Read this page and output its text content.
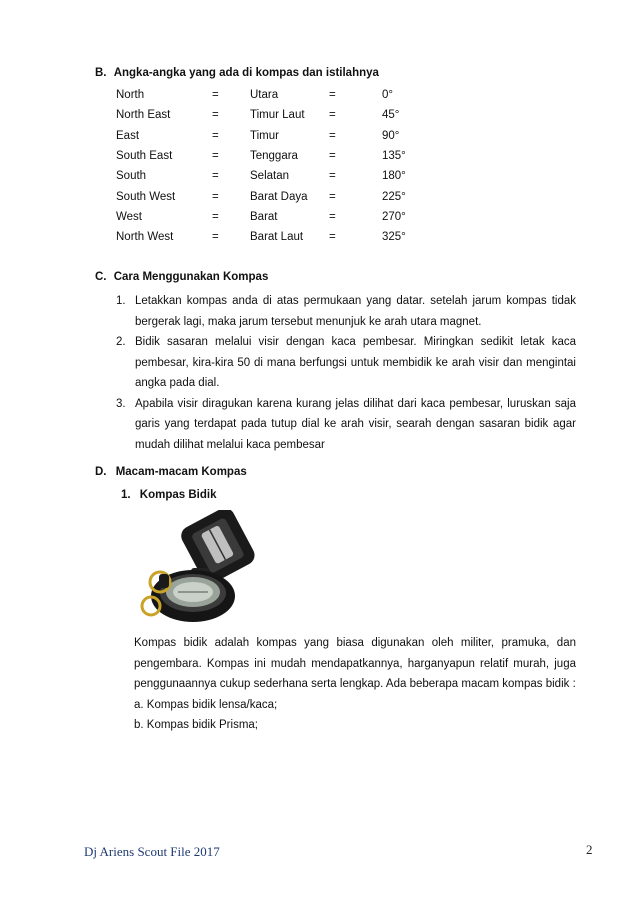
B. Angka-angka yang ada di kompas dan istilahnya
North	=	Utara	=	0°
North East	=	Timur Laut =	45°
East	=	Timur	=	90°
South East	=	Tenggara	=	135°
South	=	Selatan	=	180°
South West	=	Barat Daya =	225°
West	=	Barat	=	270°
North West	=	Barat Laut =	325°
C. Cara Menggunakan Kompas
1. Letakkan kompas anda di atas permukaan yang datar. setelah jarum kompas tidak bergerak lagi, maka jarum tersebut menunjuk ke arah utara magnet.
2. Bidik sasaran melalui visir dengan kaca pembesar. Miringkan sedikit letak kaca pembesar, kira-kira 50 di mana berfungsi untuk membidik ke arah visir dan mengintai angka pada dial.
3. Apabila visir diragukan karena kurang jelas dilihat dari kaca pembesar, luruskan saja garis yang terdapat pada tutup dial ke arah visir, searah dengan sasaran bidik agar mudah dilihat melalui kaca pembesar
D. Macam-macam Kompas
1. Kompas Bidik

Kompas bidik adalah kompas yang biasa digunakan oleh militer, pramuka, dan pengembara. Kompas ini mudah mendapatkannya, harganyapun relatif murah, juga penggunaannya cukup sederhana serta lengkap. Ada beberapa macam kompas bidik :

a. Kompas bidik lensa/kaca;

b. Kompas bidik Prisma;

Dj Ariens Scout File 2017	2
